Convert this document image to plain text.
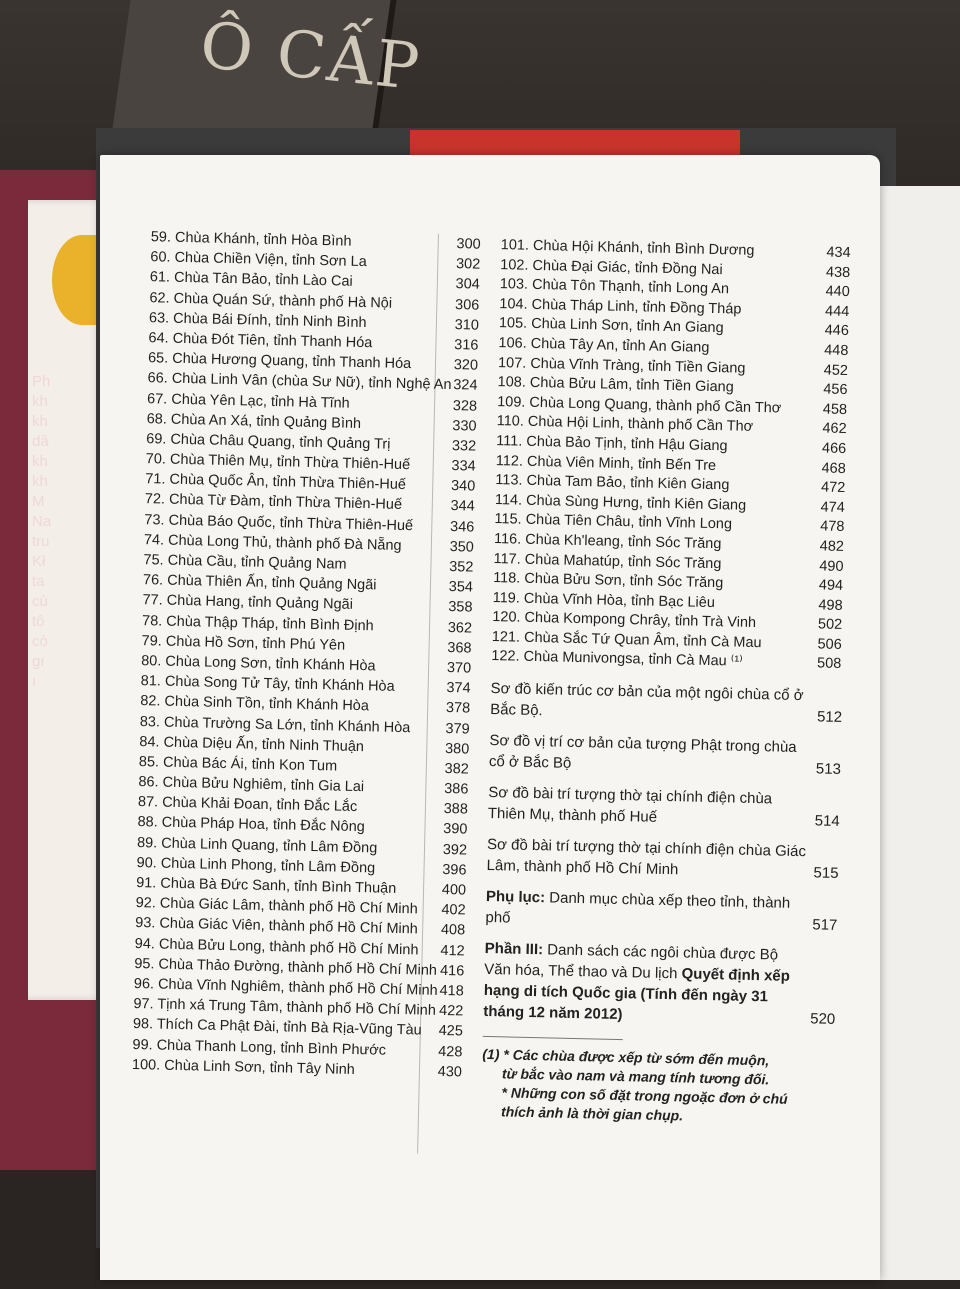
Ô CẤP
Ph
kh
kh
dầ
kh
kh
M
Na
tru
Kł
ta
cù
tô
cò
gı
ı
59. Chùa Khánh, tỉnh Hòa Bình	300
60. Chùa Chiền Viện, tỉnh Sơn La	302
61. Chùa Tân Bảo, tỉnh Lào Cai	304
62. Chùa Quán Sứ, thành phố Hà Nội	306
63. Chùa Bái Đính, tỉnh Ninh Bình	310
64. Chùa Đót Tiên, tỉnh Thanh Hóa	316
65. Chùa Hương Quang, tỉnh Thanh Hóa	320
66. Chùa Linh Vân (chùa Sư Nữ), tỉnh Nghệ An 324
67. Chùa Yên Lạc, tỉnh Hà Tĩnh	328
68. Chùa An Xá, tỉnh Quảng Bình	330
69. Chùa Châu Quang, tỉnh Quảng Trị	332
70. Chùa Thiên Mụ, tỉnh Thừa Thiên-Huế	334
71. Chùa Quốc Ân, tỉnh Thừa Thiên-Huế	340
72. Chùa Từ Đàm, tỉnh Thừa Thiên-Huế	344
73. Chùa Báo Quốc, tỉnh Thừa Thiên-Huế	346
74. Chùa Long Thủ, thành phố Đà Nẵng	350
75. Chùa Cầu, tỉnh Quảng Nam	352
76. Chùa Thiên Ấn, tỉnh Quảng Ngãi	354
77. Chùa Hang, tỉnh Quảng Ngãi	358
78. Chùa Thập Tháp, tỉnh Bình Định	362
79. Chùa Hồ Sơn, tỉnh Phú Yên	368
80. Chùa Long Sơn, tỉnh Khánh Hòa	370
81. Chùa Song Tử Tây, tỉnh Khánh Hòa	374
82. Chùa Sinh Tồn, tỉnh Khánh Hòa	378
83. Chùa Trường Sa Lớn, tỉnh Khánh Hòa 379
84. Chùa Diệu Ấn, tỉnh Ninh Thuận	380
85. Chùa Bác Ái, tỉnh Kon Tum	382
86. Chùa Bửu Nghiêm, tỉnh Gia Lai	386
87. Chùa Khải Đoan, tỉnh Đắc Lắc	388
88. Chùa Pháp Hoa, tỉnh Đắc Nông	390
89. Chùa Linh Quang, tỉnh Lâm Đồng	392
90. Chùa Linh Phong, tỉnh Lâm Đồng	396
91. Chùa Bà Đức Sanh, tỉnh Bình Thuận	400
92. Chùa Giác Lâm, thành phố Hồ Chí Minh 402
93. Chùa Giác Viên, thành phố Hồ Chí Minh 408
94. Chùa Bửu Long, thành phố Hồ Chí Minh 412
95. Chùa Thảo Đường, thành phố Hồ Chí Minh 416
96. Chùa Vĩnh Nghiêm, thành phố Hồ Chí Minh 418
97. Tịnh xá Trung Tâm, thành phố Hồ Chí Minh 422
98. Thích Ca Phật Đài, tỉnh Bà Rịa-Vũng Tàu 425
99. Chùa Thanh Long, tỉnh Bình Phước	428
100. Chùa Linh Sơn, tỉnh Tây Ninh	430
101. Chùa Hội Khánh, tỉnh Bình Dương	434
102. Chùa Đại Giác, tỉnh Đồng Nai	438
103. Chùa Tôn Thạnh, tỉnh Long An	440
104. Chùa Tháp Linh, tỉnh Đồng Tháp	444
105. Chùa Linh Sơn, tỉnh An Giang	446
106. Chùa Tây An, tỉnh An Giang	448
107. Chùa Vĩnh Tràng, tỉnh Tiền Giang	452
108. Chùa Bửu Lâm, tỉnh Tiền Giang	456
109. Chùa Long Quang, thành phố Cần Thơ	458
110. Chùa Hội Linh, thành phố Cần Thơ	462
111. Chùa Bảo Tịnh, tỉnh Hậu Giang	466
112. Chùa Viên Minh, tỉnh Bến Tre	468
113. Chùa Tam Bảo, tỉnh Kiên Giang	472
114. Chùa Sùng Hưng, tỉnh Kiên Giang	474
115. Chùa Tiên Châu, tỉnh Vĩnh Long	478
116. Chùa Kh'leang, tỉnh Sóc Trăng	482
117. Chùa Mahatúp, tỉnh Sóc Trăng	490
118. Chùa Bửu Sơn, tỉnh Sóc Trăng	494
119. Chùa Vĩnh Hòa, tỉnh Bạc Liêu	498
120. Chùa Kompong Chrây, tỉnh Trà Vinh	502
121. Chùa Sắc Tứ Quan Âm, tỉnh Cà Mau	506
122. Chùa Munivongsa, tỉnh Cà Mau ⁽¹⁾	508
Sơ đồ kiến trúc cơ bản của một ngôi chùa cổ ở Bắc Bộ.	512
Sơ đồ vị trí cơ bản của tượng Phật trong chùa cổ ở Bắc Bộ	513
Sơ đồ bài trí tượng thờ tại chính điện chùa Thiên Mụ, thành phố Huế	514
Sơ đồ bài trí tượng thờ tại chính điện chùa Giác Lâm, thành phố Hồ Chí Minh	515
Phụ lục: Danh mục chùa xếp theo tỉnh, thành phố	517
Phần III: Danh sách các ngôi chùa được Bộ Văn hóa, Thể thao và Du lịch Quyết định xếp hạng di tích Quốc gia (Tính đến ngày 31 tháng 12 năm 2012)	520
(1) * Các chùa được xếp từ sớm đến muộn,
từ bắc vào nam và mang tính tương đối.
* Những con số đặt trong ngoặc đơn ở chú
thích ảnh là thời gian chụp.
